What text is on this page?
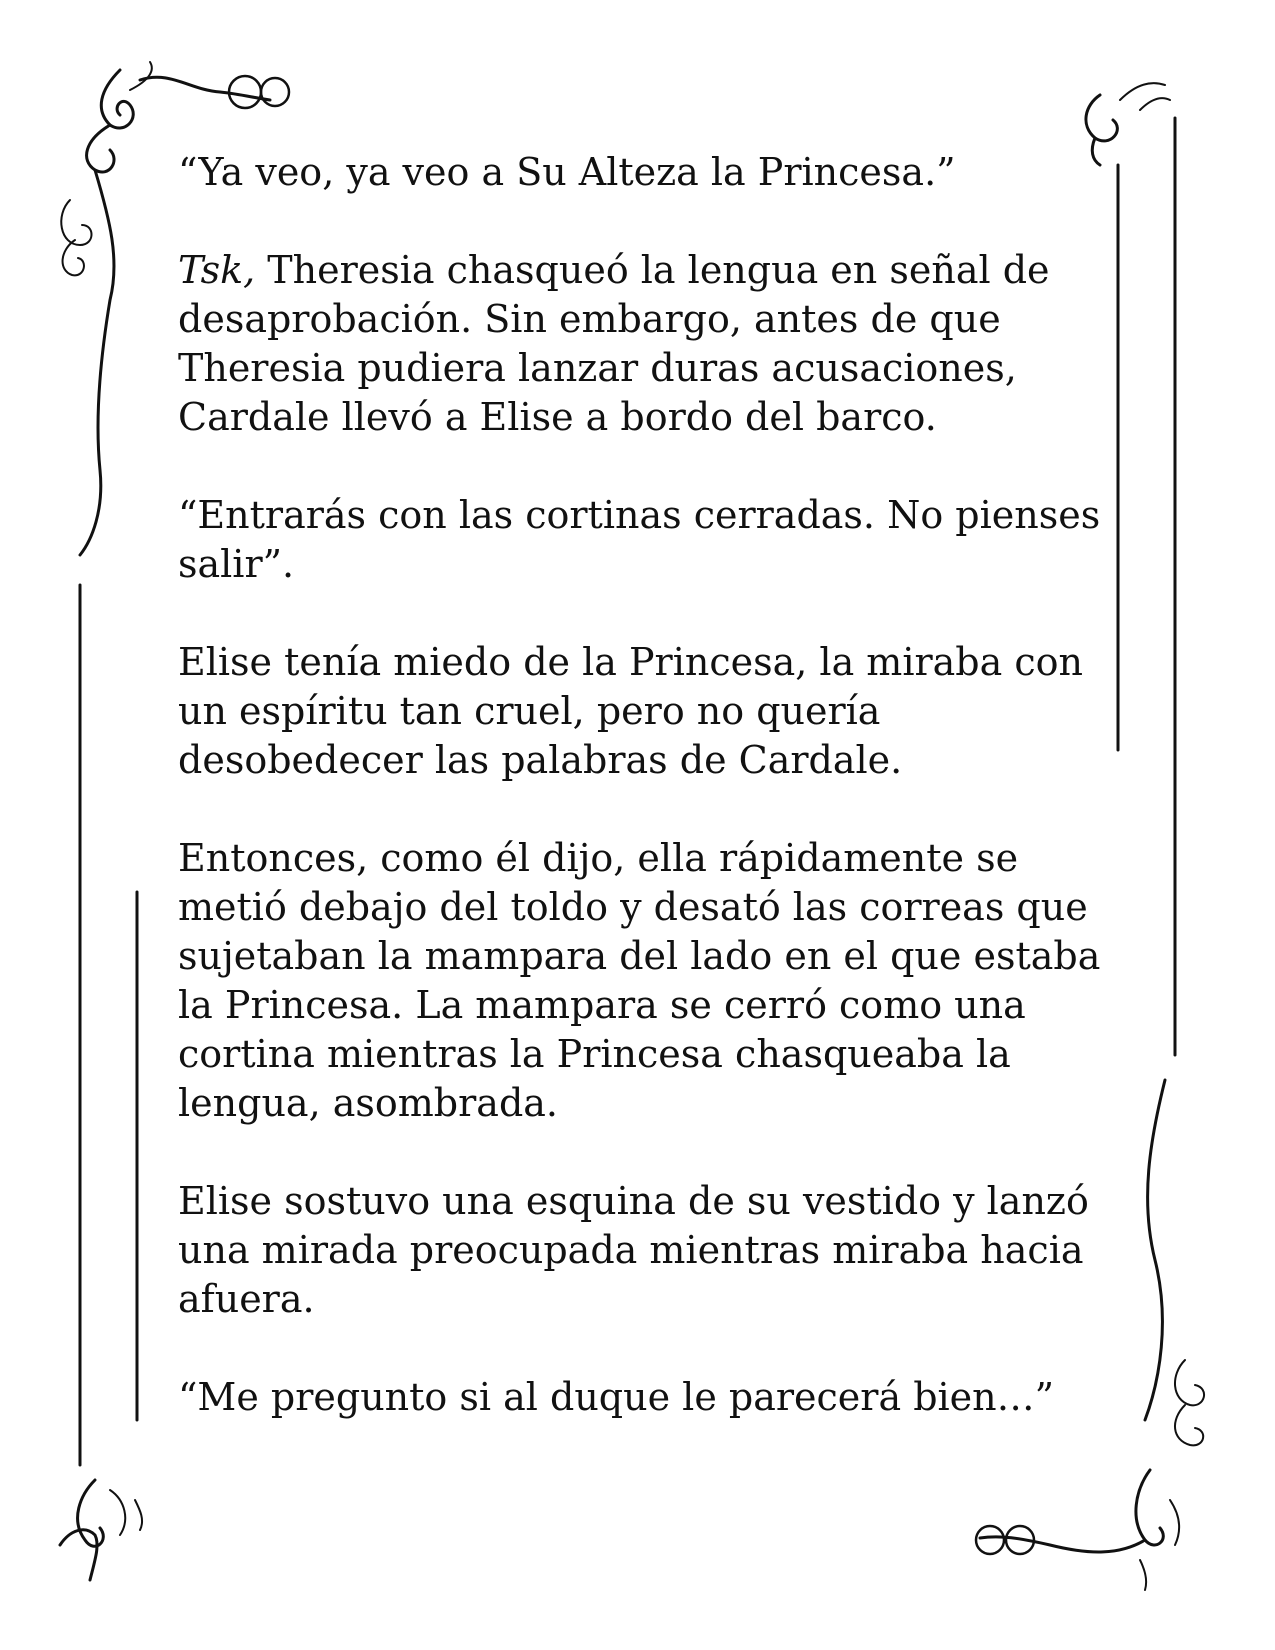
“Ya veo, ya veo a Su Alteza la Princesa.”

Tsk, Theresia chasqueó la lengua en señal de desaprobación. Sin embargo, antes de que Theresia pudiera lanzar duras acusaciones, Cardale llevó a Elise a bordo del barco.

“Entrarás con las cortinas cerradas. No pienses salir”.

Elise tenía miedo de la Princesa, la miraba con un espíritu tan cruel, pero no quería desobedecer las palabras de Cardale.

Entonces, como él dijo, ella rápidamente se metió debajo del toldo y desató las correas que sujetaban la mampara del lado en el que estaba la Princesa. La mampara se cerró como una cortina mientras la Princesa chasqueaba la lengua, asombrada.

Elise sostuvo una esquina de su vestido y lanzó una mirada preocupada mientras miraba hacia afuera.

“Me pregunto si al duque le parecerá bien…”
